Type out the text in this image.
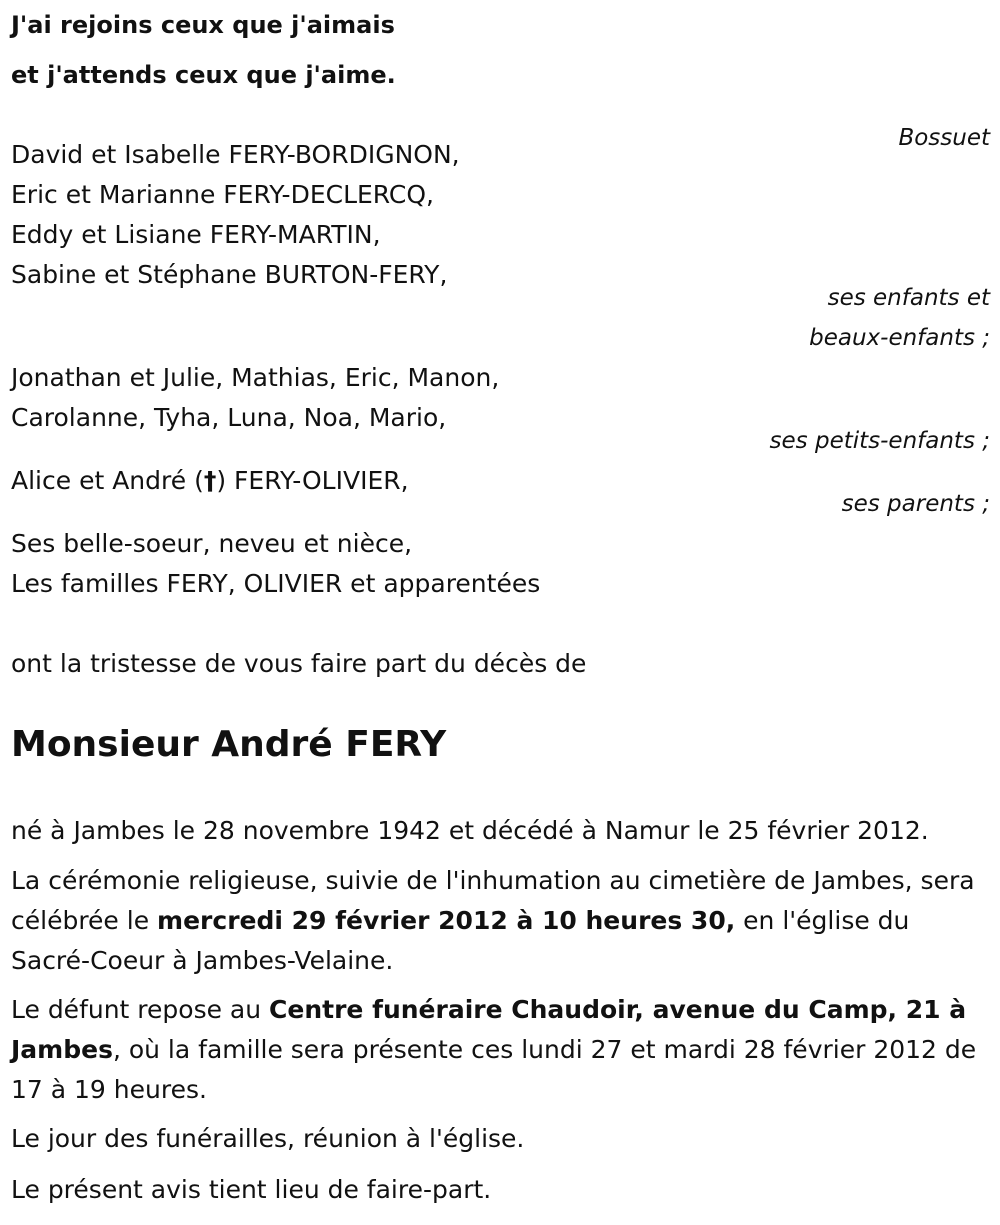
J'ai rejoins ceux que j'aimais
et j'attends ceux que j'aime.
Bossuet
David et Isabelle FERY-BORDIGNON,
Eric et Marianne FERY-DECLERCQ,
Eddy et Lisiane FERY-MARTIN,
Sabine et Stéphane BURTON-FERY,
ses enfants et
beaux-enfants ;
Jonathan et Julie, Mathias, Eric, Manon,
Carolanne, Tyha, Luna, Noa, Mario,
ses petits-enfants ;
Alice et André (†) FERY-OLIVIER,
ses parents ;
Ses belle-soeur, neveu et nièce,
Les familles FERY, OLIVIER et apparentées
ont la tristesse de vous faire part du décès de
Monsieur André FERY
né à Jambes le 28 novembre 1942 et décédé à Namur le 25 février 2012.
La cérémonie religieuse, suivie de l'inhumation au cimetière de Jambes, sera célébrée le mercredi 29 février 2012 à 10 heures 30, en l'église du Sacré-Coeur à Jambes-Velaine.
Le défunt repose au Centre funéraire Chaudoir, avenue du Camp, 21 à Jambes, où la famille sera présente ces lundi 27 et mardi 28 février 2012 de 17 à 19 heures.
Le jour des funérailles, réunion à l'église.
Le présent avis tient lieu de faire-part.
